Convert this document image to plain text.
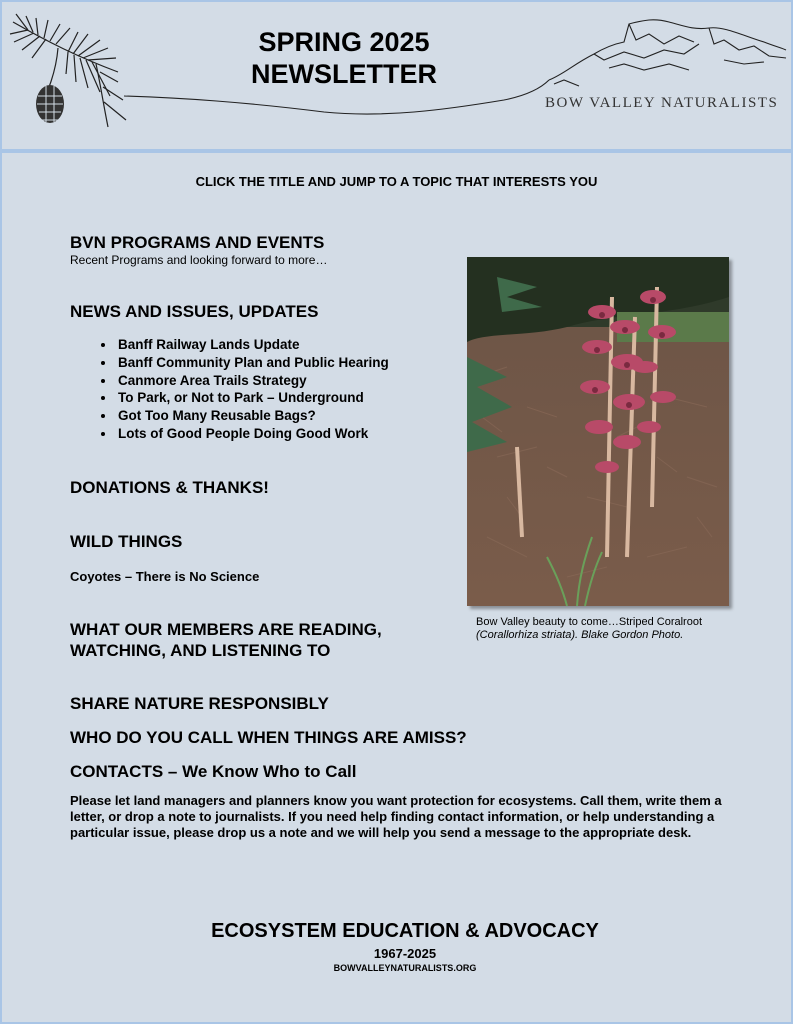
SPRING 2025
NEWSLETTER
BOW VALLEY NATURALISTS
CLICK THE TITLE AND JUMP TO A TOPIC THAT INTERESTS YOU
BVN PROGRAMS AND EVENTS
Recent Programs and looking forward to more…
NEWS AND ISSUES, UPDATES
• Banff Railway Lands Update
• Banff Community Plan and Public Hearing
• Canmore Area Trails Strategy
• To Park, or Not to Park – Underground
• Got Too Many Reusable Bags?
• Lots of Good People Doing Good Work
DONATIONS & THANKS!
WILD THINGS
Coyotes – There is No Science
WHAT OUR MEMBERS ARE READING,
WATCHING, AND LISTENING TO
SHARE NATURE RESPONSIBLY
WHO DO YOU CALL WHEN THINGS ARE AMISS?
CONTACTS – We Know Who to Call
Please let land managers and planners know you want protection for ecosystems. Call them, write them a letter, or drop a note to journalists. If you need help finding contact information, or help understanding a particular issue, please drop us a note and we will help you send a message to the appropriate desk.
Bow Valley beauty to come…Striped Coralroot
(Corallorhiza striata). Blake Gordon Photo.
ECOSYSTEM EDUCATION & ADVOCACY
1967-2025
BOWVALLEYNATURALISTS.ORG
